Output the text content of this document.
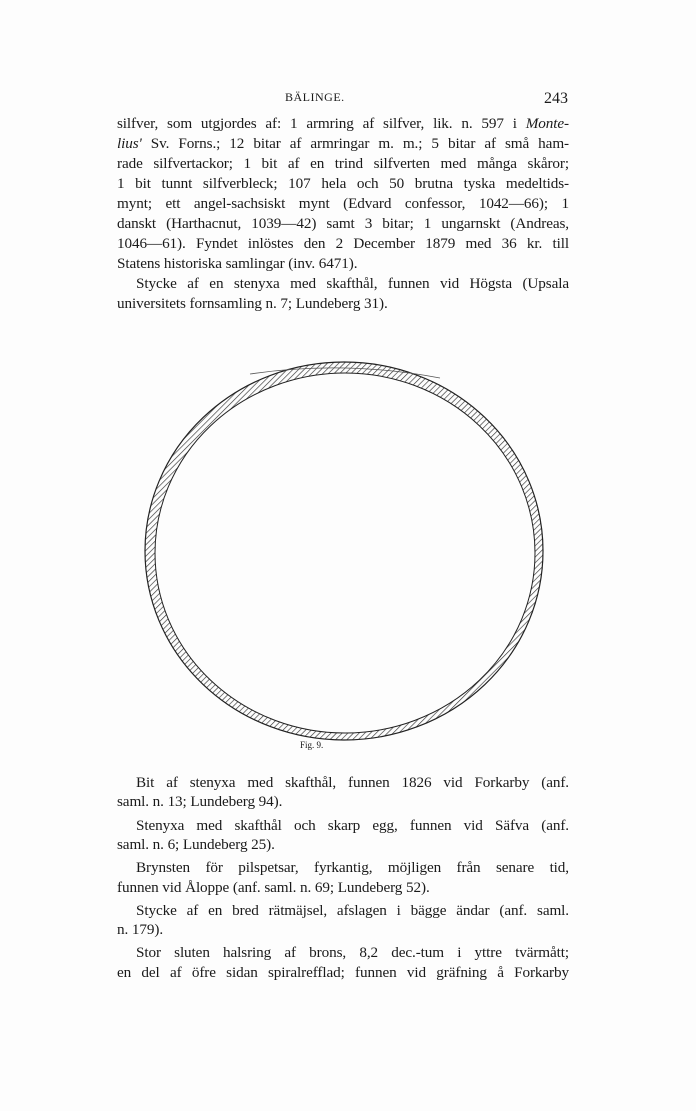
BÄLINGE.	243
silfver, som utgjordes af: 1 armring af silfver, lik. n. 597 i Monte-
lius' Sv. Forns.; 12 bitar af armringar m. m.; 5 bitar af små ham-
rade silfvertackor; 1 bit af en trind silfverten med många skåror;
1 bit tunnt silfverbleck; 107 hela och 50 brutna tyska medeltids-
mynt; ett angel-sachsiskt mynt (Edvard confessor, 1042—66); 1
danskt (Harthacnut, 1039—42) samt 3 bitar; 1 ungarnskt (Andreas,
1046—61). Fyndet inlöstes den 2 December 1879 med 36 kr. till
Statens historiska samlingar (inv. 6471).
Stycke af en stenyxa med skafthål, funnen vid Högsta (Upsala
universitets fornsamling n. 7; Lundeberg 31).
Fig. 9.
Bit af stenyxa med skafthål, funnen 1826 vid Forkarby (anf.
saml. n. 13; Lundeberg 94).
Stenyxa med skafthål och skarp egg, funnen vid Säfva (anf.
saml. n. 6; Lundeberg 25).
Brynsten för pilspetsar, fyrkantig, möjligen från senare tid,
funnen vid Åloppe (anf. saml. n. 69; Lundeberg 52).
Stycke af en bred rätmäjsel, afslagen i bägge ändar (anf. saml.
n. 179).
Stor sluten halsring af brons, 8,2 dec.-tum i yttre tvärmått;
en del af öfre sidan spiralrefflad; funnen vid gräfning å Forkarby
